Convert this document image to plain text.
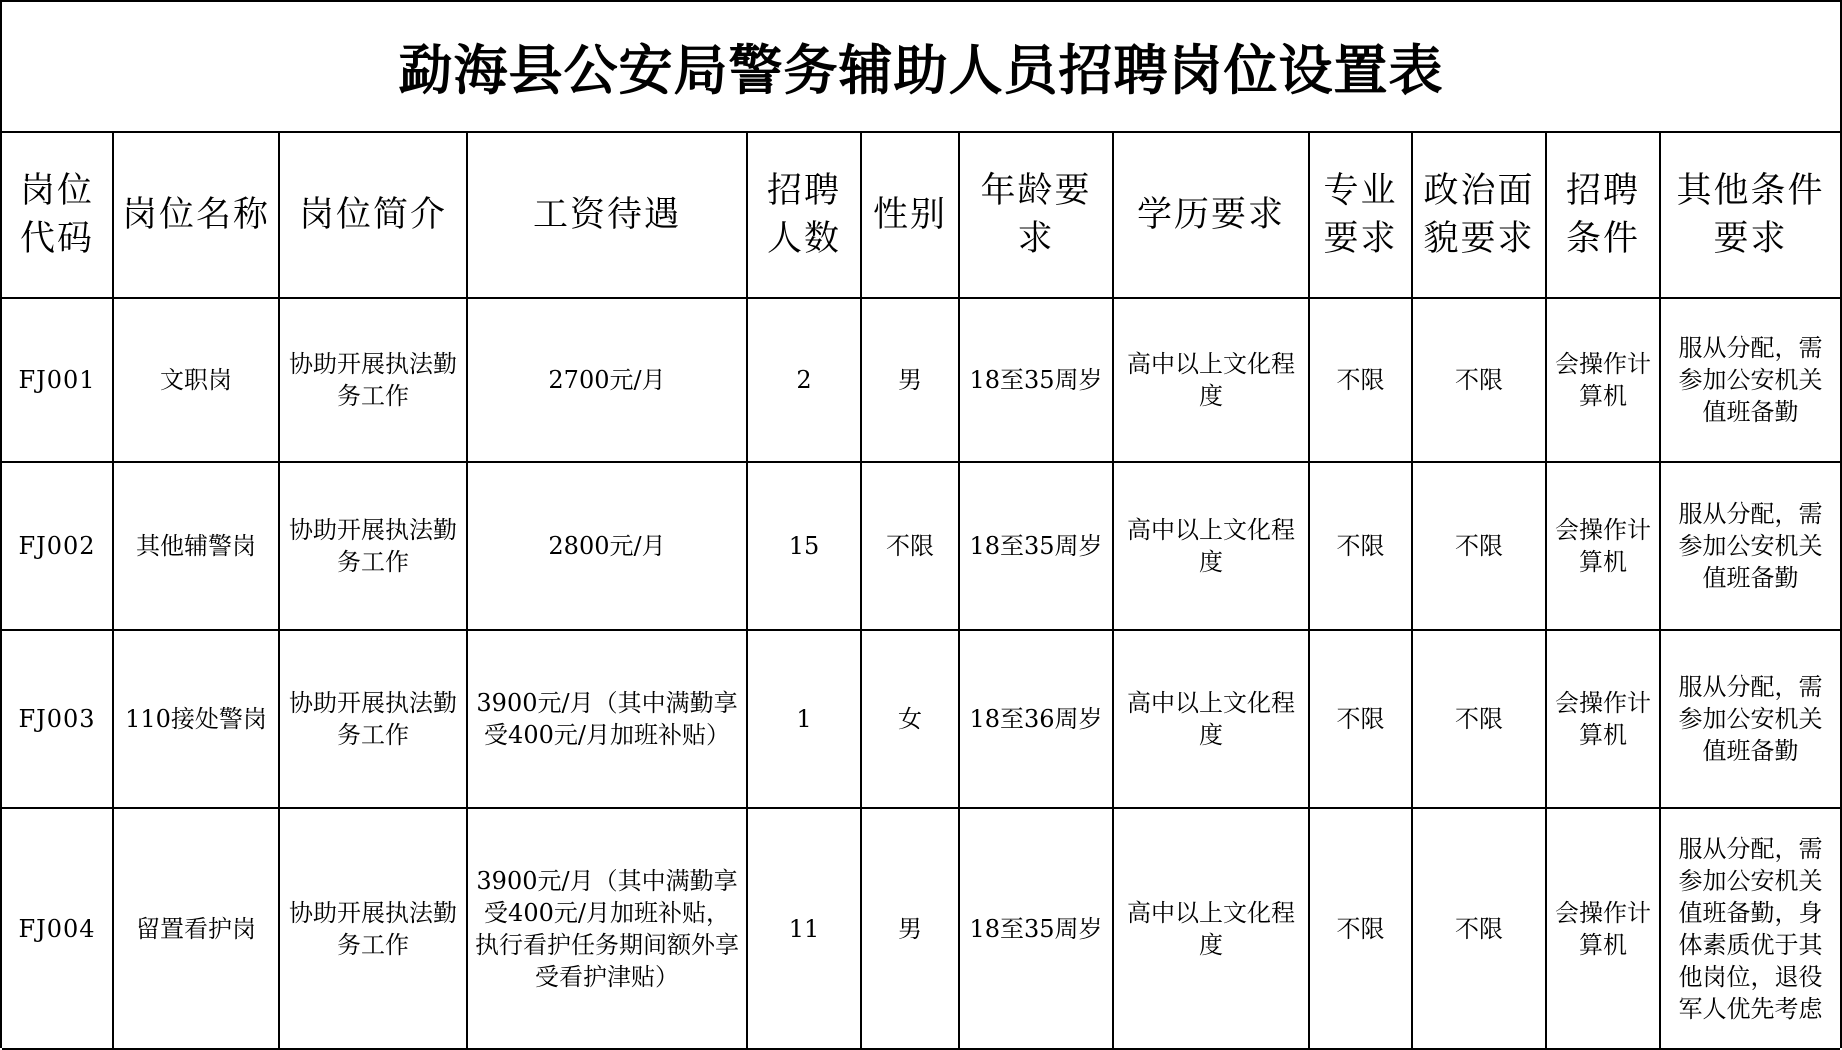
勐海县公安局警务辅助人员招聘岗位设置表
岗位代码	岗位名称	岗位简介	工资待遇	招聘人数	性别	年龄要求	学历要求	专业要求	政治面貌要求	招聘条件	其他条件要求
FJ001	文职岗	协助开展执法勤务工作	2700元/月	2	男	18至35周岁	高中以上文化程度	不限	不限	会操作计算机	服从分配，需参加公安机关值班备勤
FJ002	其他辅警岗	协助开展执法勤务工作	2800元/月	15	不限	18至35周岁	高中以上文化程度	不限	不限	会操作计算机	服从分配，需参加公安机关值班备勤
FJ003	110接处警岗	协助开展执法勤务工作	3900元/月（其中满勤享受400元/月加班补贴）	1	女	18至36周岁	高中以上文化程度	不限	不限	会操作计算机	服从分配，需参加公安机关值班备勤
FJ004	留置看护岗	协助开展执法勤务工作	3900元/月（其中满勤享受400元/月加班补贴，执行看护任务期间额外享受看护津贴）	11	男	18至35周岁	高中以上文化程度	不限	不限	会操作计算机	服从分配，需参加公安机关值班备勤，身体素质优于其他岗位，退役军人优先考虑
